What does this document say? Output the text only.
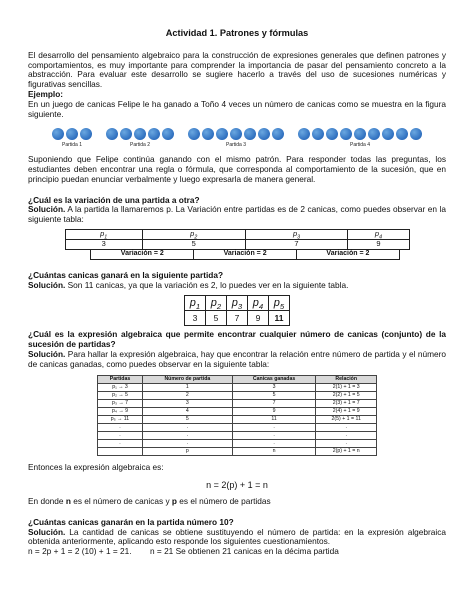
Actividad 1. Patrones y fórmulas

El desarrollo del pensamiento algebraico para la construcción de expresiones generales que definen patrones y comportamientos, es muy importante para comprender la importancia de pasar del pensamiento concreto a la abstracción. Para evaluar este desarrollo se sugiere hacerlo a través del uso de sucesiones numéricas y figurativas sencillas.

Ejemplo:

En un juego de canicas Felipe le ha ganado a Toño 4 veces un número de canicas como se muestra en la figura siguiente.

Partida 1	Partida 2	Partida 3	Partida 4

Suponiendo que Felipe continúa ganando con el mismo patrón. Para responder todas las preguntas, los estudiantes deben encontrar una regla o fórmula, que corresponda al comportamiento de la sucesión, que en principio puedan enunciar verbalmente y luego expresarla de manera general.

¿Cuál es la variación de una partida a otra?

Solución. A la partida la llamaremos p. La Variación entre partidas es de 2 canicas, como puedes observar en la siguiente tabla:

$p_1$		$p_2$		$p_3$		$p_4$
3		5		7		9	
	Variación = 2		Variación = 2		Variación = 2		

¿Cuántas canicas ganará en la siguiente partida?

Solución. Son 11 canicas, ya que la variación es 2, lo puedes ver en la siguiente tabla.

$p_1$	$p_2$	$p_3$	$p_4$	$p_5$
3	5	7	9	11

¿Cuál es la expresión algebraica que permite encontrar cualquier número de canicas (conjunto) de la sucesión de partidas?

Solución. Para hallar la expresión algebraica, hay que encontrar la relación entre número de partida y el número de canicas ganadas, como puedes observar en la siguiente tabla:

Partidas	Número de partida	Canicas ganadas	Relación
p₁ → 3	1	3	2(1) + 1 = 3
p₂ → 5	2	5	2(2) + 1 = 5
p₃ → 7	3	7	2(3) + 1 = 7
p₄ → 9	4	9	2(4) + 1 = 9
p₅ → 11	5	11	2(5) + 1 = 11
.	.	.	.
.	.	.	.
.	.	.	.
	p	n	2(p) + 1 = n

Entonces la expresión algebraica es:

n = 2(p) + 1 = n

En donde n es el número de canicas y p es el número de partidas

¿Cuántas canicas ganarán en la partida número 10?

Solución. La cantidad de canicas se obtiene sustituyendo el número de partida: en la expresión algebraica obtenida anteriormente, aplicando esto responde los siguientes cuestionamientos.

n = 2p + 1 = 2 (10) + 1 = 21.        n = 21 Se obtienen 21 canicas en la décima partida
